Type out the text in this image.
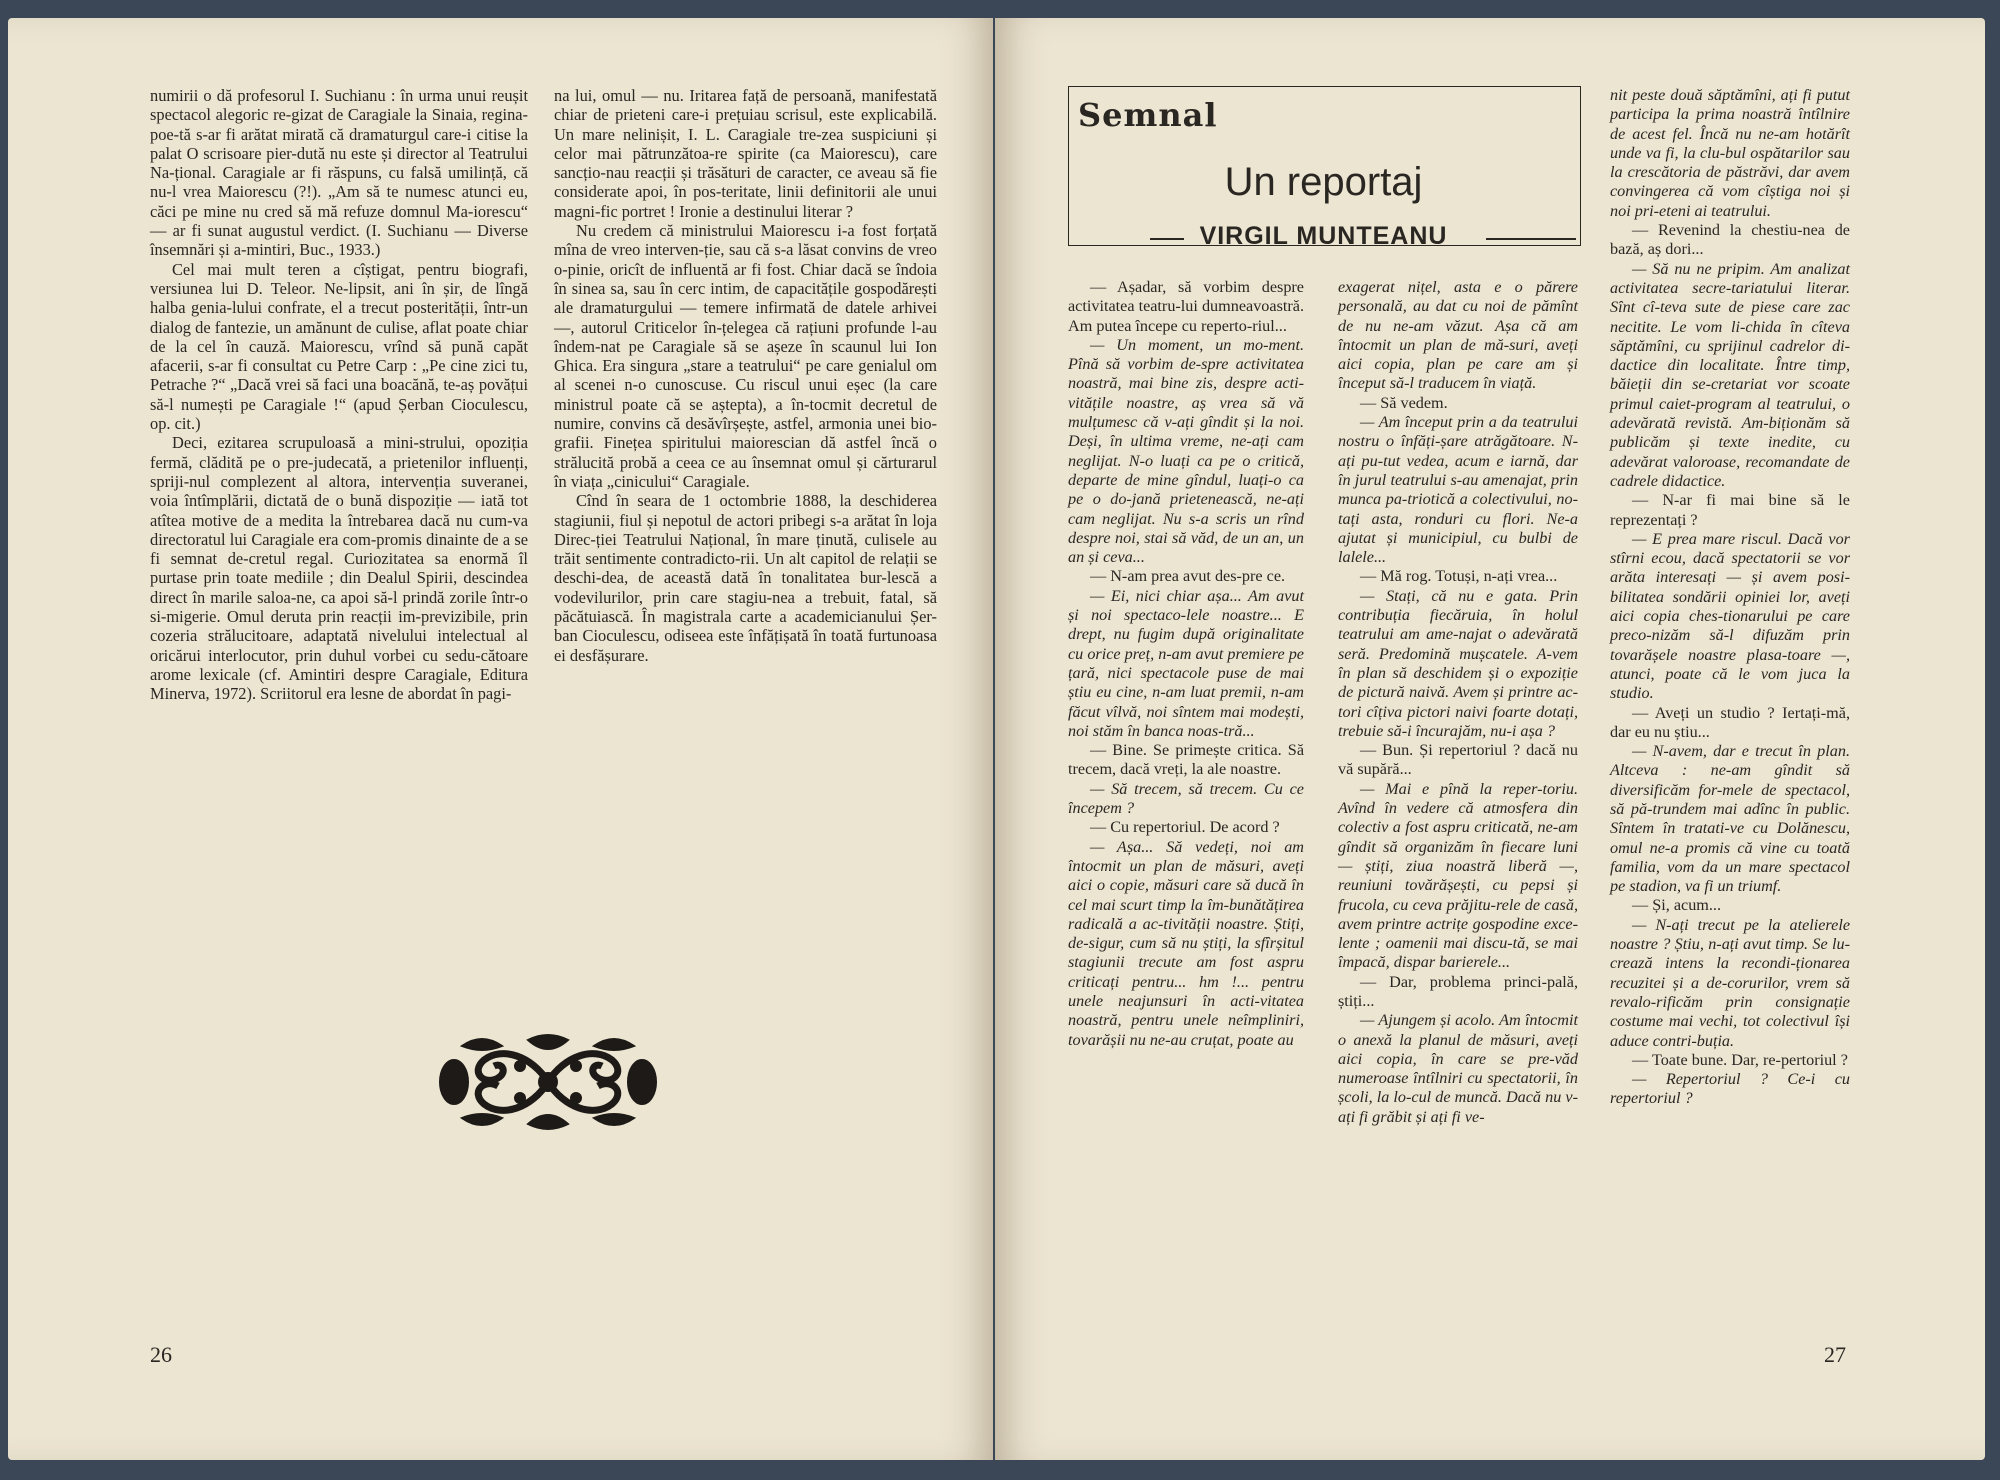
numirii o dă profesorul I. Suchianu : în urma unui reușit spectacol alegoric re-gizat de Caragiale la Sinaia, regina-poe-tă s-ar fi arătat mirată că dramaturgul care-i citise la palat O scrisoare pier-dută nu este și director al Teatrului Na-țional. Caragiale ar fi răspuns, cu falsă umilință, că nu-l vrea Maiorescu (?!). „Am să te numesc atunci eu, căci pe mine nu cred să mă refuze domnul Ma-iorescu“ — ar fi sunat augustul verdict. (I. Suchianu — Diverse însemnări și a-mintiri, Buc., 1933.)

Cel mai mult teren a cîștigat, pentru biografi, versiunea lui D. Teleor. Ne-lipsit, ani în șir, de lîngă halba genia-lului confrate, el a trecut posterității, într-un dialog de fantezie, un amănunt de culise, aflat poate chiar de la cel în cauză. Maiorescu, vrînd să pună capăt afacerii, s-ar fi consultat cu Petre Carp : „Pe cine zici tu, Petrache ?“ „Dacă vrei să faci una boacănă, te-aș povățui să-l numești pe Caragiale !“ (apud Șerban Cioculescu, op. cit.)

Deci, ezitarea scrupuloasă a mini-strului, opoziția fermă, clădită pe o pre-judecată, a prietenilor influenți, spriji-nul complezent al altora, intervenția suveranei, voia întîmplării, dictată de o bună dispoziție — iată tot atîtea motive de a medita la întrebarea dacă nu cum-va directoratul lui Caragiale era com-promis dinainte de a se fi semnat de-cretul regal. Curiozitatea sa enormă îl purtase prin toate mediile ; din Dealul Spirii, descindea direct în marile saloa-ne, ca apoi să-l prindă zorile într-o si-migerie. Omul deruta prin reacții im-previzibile, prin cozeria strălucitoare, adaptată nivelului intelectual al oricărui interlocutor, prin duhul vorbei cu sedu-cătoare arome lexicale (cf. Amintiri despre Caragiale, Editura Minerva, 1972). Scriitorul era lesne de abordat în pagi-

na lui, omul — nu. Iritarea față de persoană, manifestată chiar de prieteni care-i prețuiau scrisul, este explicabilă. Un mare nelinișit, I. L. Caragiale tre-zea suspiciuni și celor mai pătrunzătoa-re spirite (ca Maiorescu), care sancțio-nau reacții și trăsături de caracter, ce aveau să fie considerate apoi, în pos-teritate, linii definitorii ale unui magni-fic portret ! Ironie a destinului literar ?

Nu credem că ministrului Maiorescu i-a fost forțată mîna de vreo interven-ție, sau că s-a lăsat convins de vreo o-pinie, oricît de influentă ar fi fost. Chiar dacă se îndoia în sinea sa, sau în cerc intim, de capacitățile gospodărești ale dramaturgului — temere infirmată de datele arhivei —, autorul Criticelor în-țelegea că rațiuni profunde l-au îndem-nat pe Caragiale să se așeze în scaunul lui Ion Ghica. Era singura „stare a teatrului“ pe care genialul om al scenei n-o cunoscuse. Cu riscul unui eșec (la care ministrul poate că se aștepta), a în-tocmit decretul de numire, convins că desăvîrșește, astfel, armonia unei bio-grafii. Finețea spiritului maiorescian dă astfel încă o strălucită probă a ceea ce au însemnat omul și cărturarul în viața „cinicului“ Caragiale.

Cînd în seara de 1 octombrie 1888, la deschiderea stagiunii, fiul și nepotul de actori pribegi s-a arătat în loja Direc-ției Teatrului Național, în mare ținută, culisele au trăit sentimente contradicto-rii. Un alt capitol de relații se deschi-dea, de această dată în tonalitatea bur-lescă a vodevilurilor, prin care stagiu-nea a trebuit, fatal, să păcătuiască. În magistrala carte a academicianului Șer-ban Cioculescu, odiseea este înfățișată în toată furtunoasa ei desfășurare.

26
Semnal
Un reportaj
VIRGIL MUNTEANU

— Așadar, să vorbim despre activitatea teatru-lui dumneavoastră. Am putea începe cu reperto-riul...

— Un moment, un mo-ment. Pînă să vorbim de-spre activitatea noastră, mai bine zis, despre acti-vitățile noastre, aș vrea să vă mulțumesc că v-ați gîndit și la noi. Deși, în ultima vreme, ne-ați cam neglijat. N-o luați ca pe o critică, departe de mine gîndul, luați-o ca pe o do-jană prietenească, ne-ați cam neglijat. Nu s-a scris un rînd despre noi, stai să văd, de un an, un an și ceva...

— N-am prea avut des-pre ce.

— Ei, nici chiar așa... Am avut și noi spectaco-lele noastre... E drept, nu fugim după originalitate cu orice preț, n-am avut premiere pe țară, nici spectacole puse de mai știu eu cine, n-am luat premii, n-am făcut vîlvă, noi sîntem mai modești, noi stăm în banca noas-tră...

— Bine. Se primește critica. Să trecem, dacă vreți, la ale noastre.

— Să trecem, să trecem. Cu ce începem ?

— Cu repertoriul. De acord ?

— Așa... Să vedeți, noi am întocmit un plan de măsuri, aveți aici o copie, măsuri care să ducă în cel mai scurt timp la îm-bunătățirea radicală a ac-tivității noastre. Știți, de-sigur, cum să nu știți, la sfîrșitul stagiunii trecute am fost aspru criticați pentru... hm !... pentru unele neajunsuri în acti-vitatea noastră, pentru unele neîmpliniri, tovarășii nu ne-au cruțat, poate au

exagerat nițel, asta e o părere personală, au dat cu noi de pămînt de nu ne-am văzut. Așa că am întocmit un plan de mă-suri, aveți aici copia, plan pe care am și început să-l traducem în viață.

— Să vedem.

— Am început prin a da teatrului nostru o înfăți-șare atrăgătoare. N-ați pu-tut vedea, acum e iarnă, dar în jurul teatrului s-au amenajat, prin munca pa-triotică a colectivului, no-tați asta, ronduri cu flori. Ne-a ajutat și municipiul, cu bulbi de lalele...

— Mă rog. Totuși, n-ați vrea...

— Stați, că nu e gata. Prin contribuția fiecăruia, în holul teatrului am ame-najat o adevărată seră. Predomină mușcatele. A-vem în plan să deschidem și o expoziție de pictură naivă. Avem și printre ac-tori cîțiva pictori naivi foarte dotați, trebuie să-i încurajăm, nu-i așa ?

— Bun. Și repertoriul ? dacă nu vă supără...

— Mai e pînă la reper-toriu. Avînd în vedere că atmosfera din colectiv a fost aspru criticată, ne-am gîndit să organizăm în fiecare luni — știți, ziua noastră liberă —, reuniuni tovărășești, cu pepsi și frucola, cu ceva prăjitu-rele de casă, avem printre actrițe gospodine exce-lente ; oamenii mai discu-tă, se mai împacă, dispar barierele...

— Dar, problema princi-pală, știți...

— Ajungem și acolo. Am întocmit o anexă la planul de măsuri, aveți aici copia, în care se pre-văd numeroase întîlniri cu spectatorii, în școli, la lo-cul de muncă. Dacă nu v-ați fi grăbit și ați fi ve-

nit peste două săptămîni, ați fi putut participa la prima noastră întîlnire de acest fel. Încă nu ne-am hotărît unde va fi, la clu-bul ospătarilor sau la crescătoria de păstrăvi, dar avem convingerea că vom cîștiga noi și noi pri-eteni ai teatrului.

— Revenind la chestiu-nea de bază, aș dori...

— Să nu ne pripim. Am analizat activitatea secre-tariatului literar. Sînt cî-teva sute de piese care zac necitite. Le vom li-chida în cîteva săptămîni, cu sprijinul cadrelor di-dactice din localitate. Între timp, băieții din se-cretariat vor scoate primul caiet-program al teatrului, o adevărată revistă. Am-biționăm să publicăm și texte inedite, cu adevărat valoroase, recomandate de cadrele didactice.

— N-ar fi mai bine să le reprezentați ?

— E prea mare riscul. Dacă vor stîrni ecou, dacă spectatorii se vor arăta interesați — și avem posi-bilitatea sondării opiniei lor, aveți aici copia ches-tionarului pe care preco-nizăm să-l difuzăm prin tovarășele noastre plasa-toare —, atunci, poate că le vom juca la studio.

— Aveți un studio ? Iertați-mă, dar eu nu știu...

— N-avem, dar e trecut în plan. Altceva : ne-am gîndit să diversificăm for-mele de spectacol, să pă-trundem mai adînc în public. Sîntem în tratati-ve cu Dolănescu, omul ne-a promis că vine cu toată familia, vom da un mare spectacol pe stadion, va fi un triumf.

— Și, acum...

— N-ați trecut pe la atelierele noastre ? Știu, n-ați avut timp. Se lu-crează intens la recondi-ționarea recuzitei și a de-corurilor, vrem să revalo-rificăm prin consignație costume mai vechi, tot colectivul își aduce contri-buția.

— Toate bune. Dar, re-pertoriul ?

— Repertoriul ? Ce-i cu repertoriul ?

27
